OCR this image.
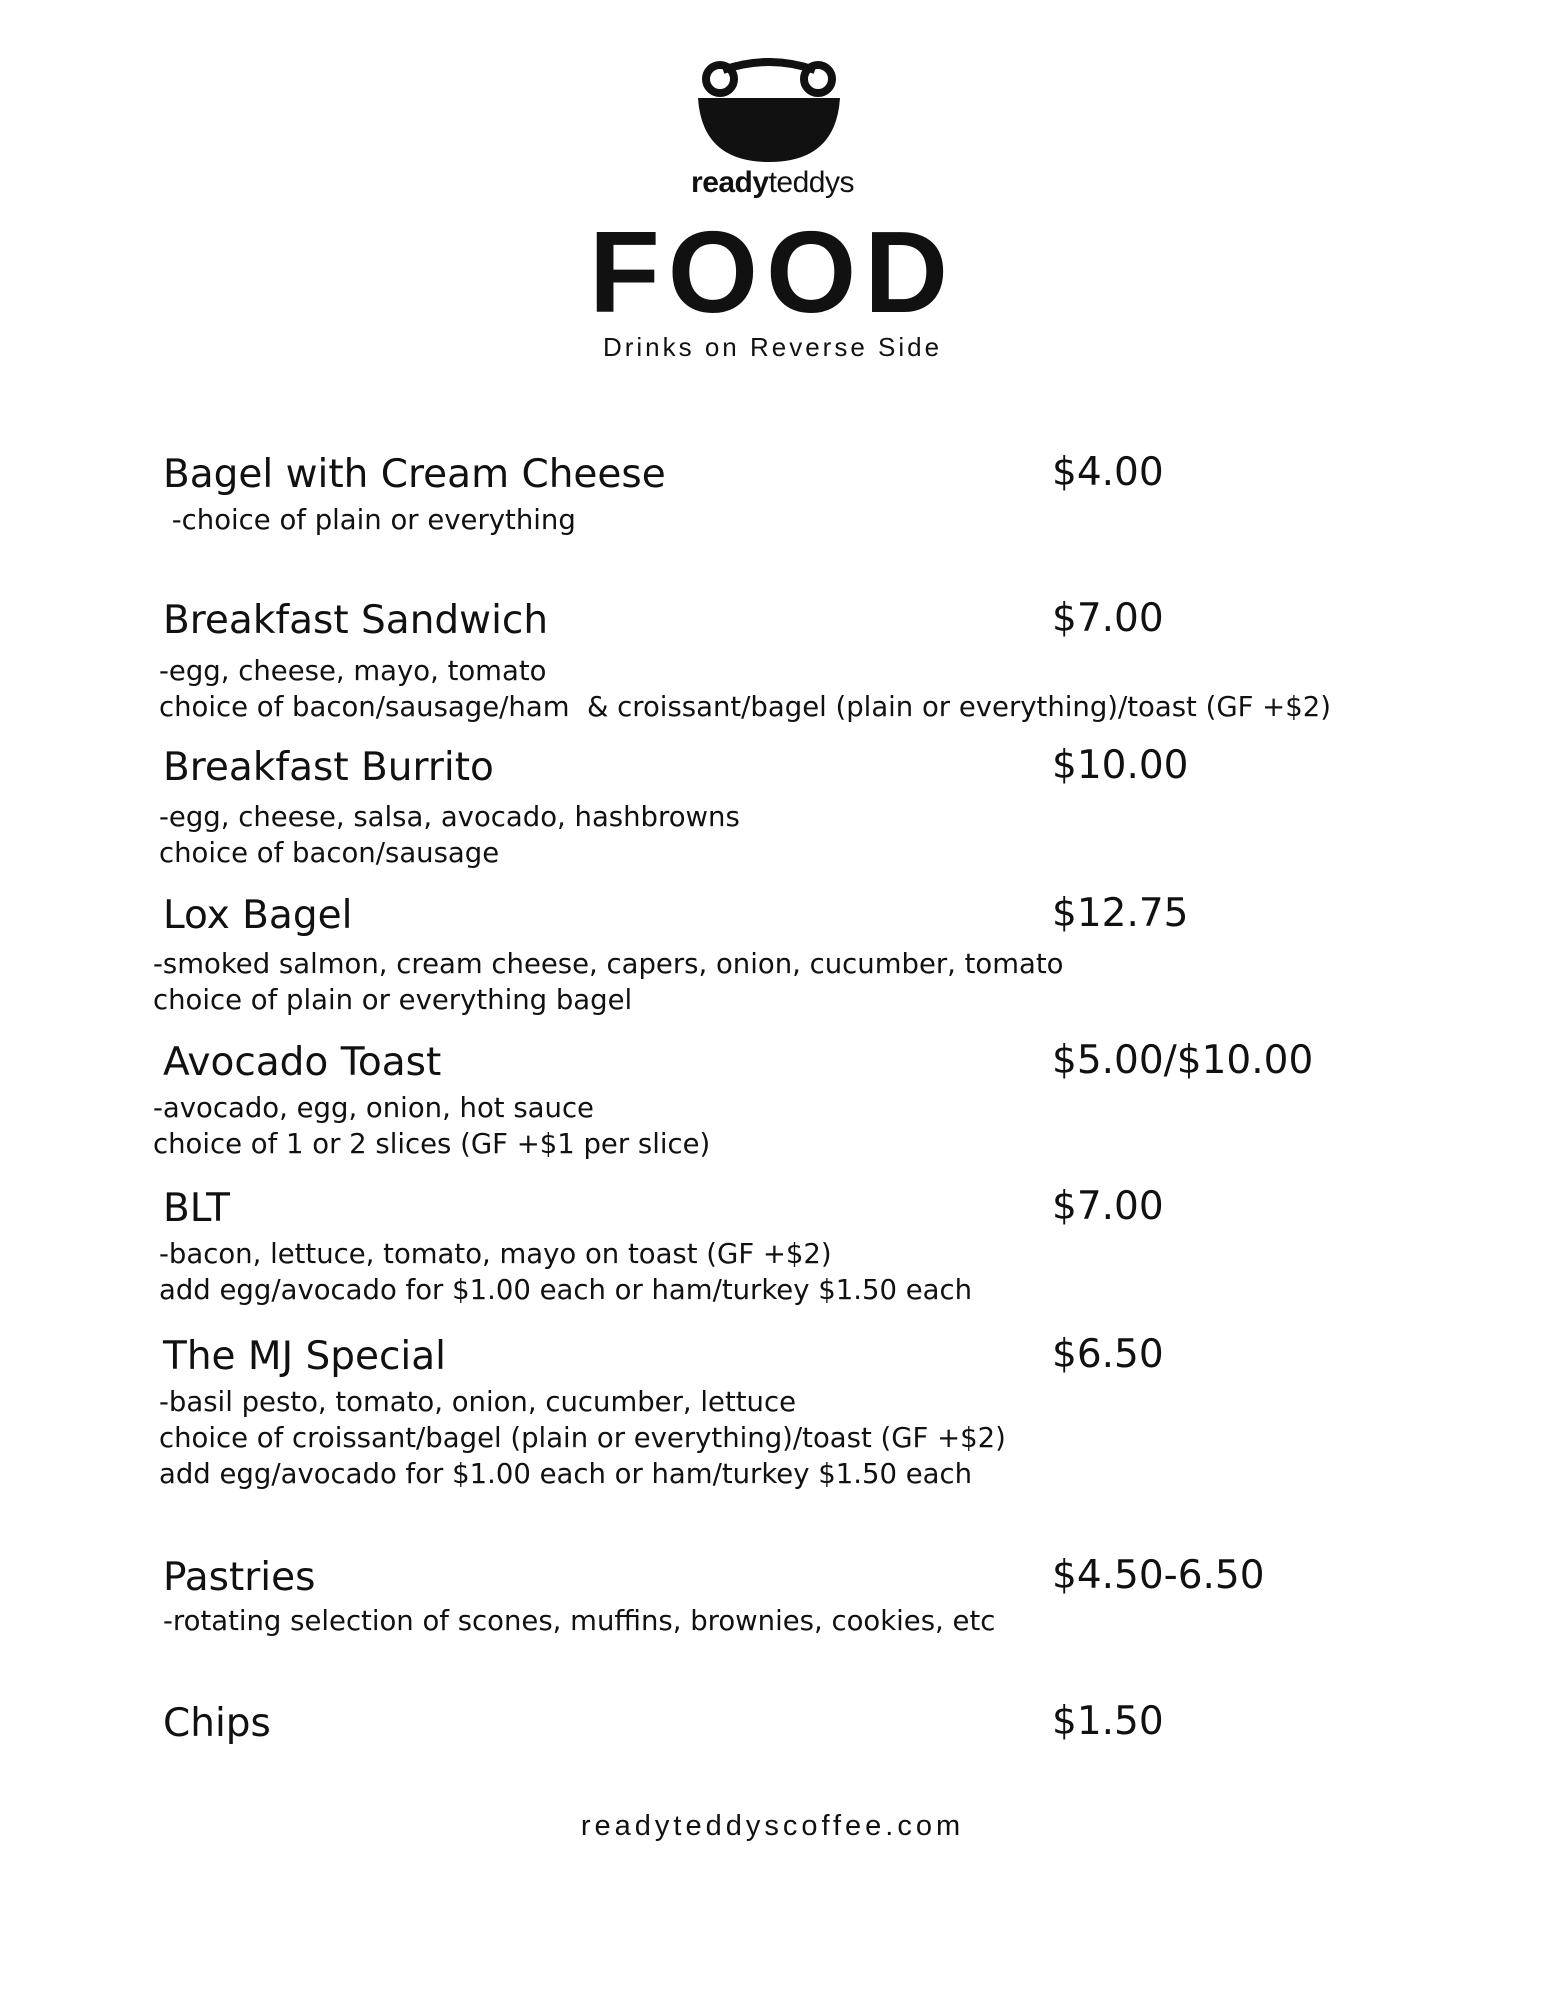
readyteddys
FOOD
Drinks on Reverse Side
Bagel with Cream Cheese	$4.00
-choice of plain or everything
Breakfast Sandwich	$7.00
-egg, cheese, mayo, tomato
choice of bacon/sausage/ham  & croissant/bagel (plain or everything)/toast (GF +$2)
Breakfast Burrito	$10.00
-egg, cheese, salsa, avocado, hashbrowns
choice of bacon/sausage
Lox Bagel	$12.75
-smoked salmon, cream cheese, capers, onion, cucumber, tomato
choice of plain or everything bagel
Avocado Toast	$5.00/$10.00
-avocado, egg, onion, hot sauce
choice of 1 or 2 slices (GF +$1 per slice)
BLT	$7.00
-bacon, lettuce, tomato, mayo on toast (GF +$2)
add egg/avocado for $1.00 each or ham/turkey $1.50 each
The MJ Special	$6.50
-basil pesto, tomato, onion, cucumber, lettuce
choice of croissant/bagel (plain or everything)/toast (GF +$2)
add egg/avocado for $1.00 each or ham/turkey $1.50 each
Pastries	$4.50-6.50
-rotating selection of scones, muffins, brownies, cookies, etc
Chips	$1.50
readyteddyscoffee.com
